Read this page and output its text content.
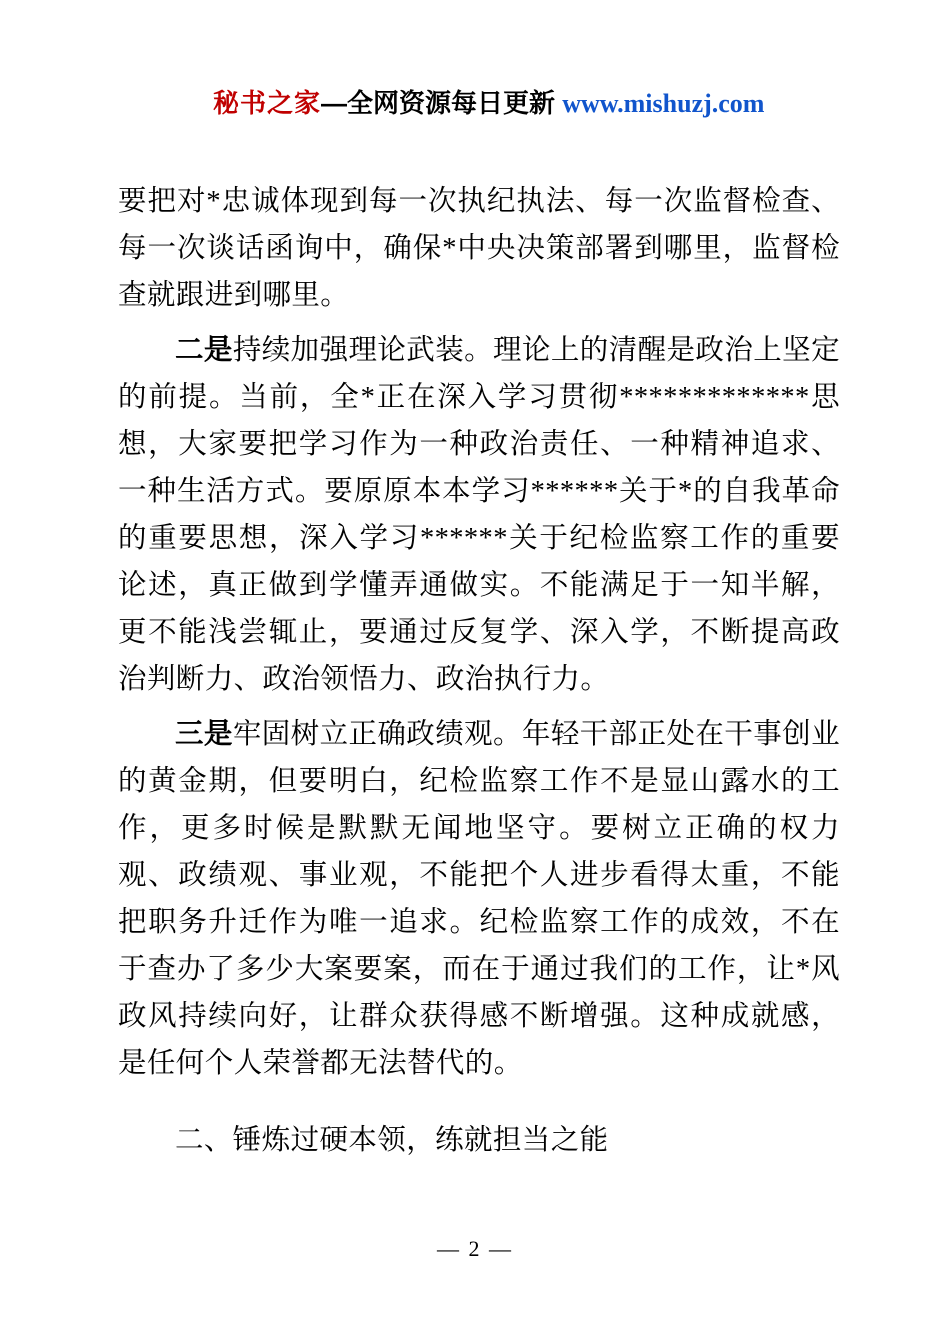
秘书之家—全网资源每日更新 www.mishuzj.com

要把对*忠诚体现到每一次执纪执法、每一次监督检查、每一次谈话函询中，确保*中央决策部署到哪里，监督检查就跟进到哪里。

二是持续加强理论武装。理论上的清醒是政治上坚定的前提。当前，全*正在深入学习贯彻*************思想，大家要把学习作为一种政治责任、一种精神追求、一种生活方式。要原原本本学习******关于*的自我革命的重要思想，深入学习******关于纪检监察工作的重要论述，真正做到学懂弄通做实。不能满足于一知半解，更不能浅尝辄止，要通过反复学、深入学，不断提高政治判断力、政治领悟力、政治执行力。

三是牢固树立正确政绩观。年轻干部正处在干事创业的黄金期，但要明白，纪检监察工作不是显山露水的工作，更多时候是默默无闻地坚守。要树立正确的权力观、政绩观、事业观，不能把个人进步看得太重，不能把职务升迁作为唯一追求。纪检监察工作的成效，不在于查办了多少大案要案，而在于通过我们的工作，让*风政风持续向好，让群众获得感不断增强。这种成就感，是任何个人荣誉都无法替代的。

二、锤炼过硬本领，练就担当之能

— 2 —
